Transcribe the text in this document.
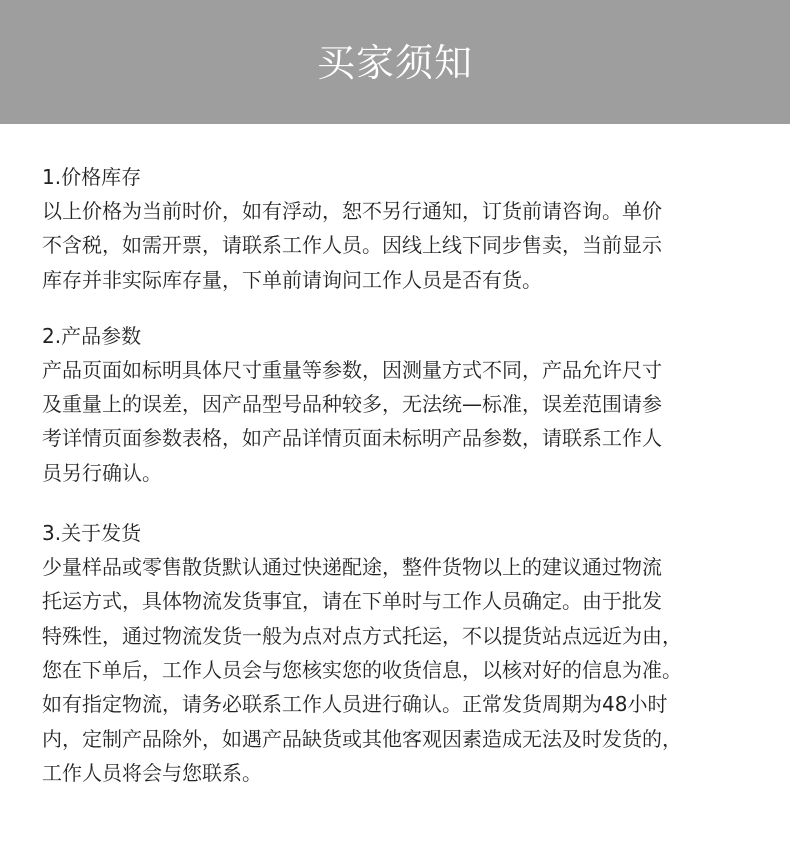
买家须知
1.价格库存
以上价格为当前时价，如有浮动，恕不另行通知，订货前请咨询。单价
不含税，如需开票，请联系工作人员。因线上线下同步售卖，当前显示
库存并非实际库存量，下单前请询问工作人员是否有货。
2.产品参数
产品页面如标明具体尺寸重量等参数，因测量方式不同，产品允许尺寸
及重量上的误差，因产品型号品种较多，无法统—标准，误差范围请参
考详情页面参数表格，如产品详情页面未标明产品参数，请联系工作人
员另行确认。
3.关于发货
少量样品或零售散货默认通过快递配途，整件货物以上的建议通过物流
托运方式，具体物流发货事宜，请在下单时与工作人员确定。由于批发
特殊性，通过物流发货一般为点对点方式托运，不以提货站点远近为由，
您在下单后，工作人员会与您核实您的收货信息，以核对好的信息为准。
如有指定物流，请务必联系工作人员进行确认。正常发货周期为48小时
内，定制产品除外，如遇产品缺货或其他客观因素造成无法及时发货的，
工作人员将会与您联系。
